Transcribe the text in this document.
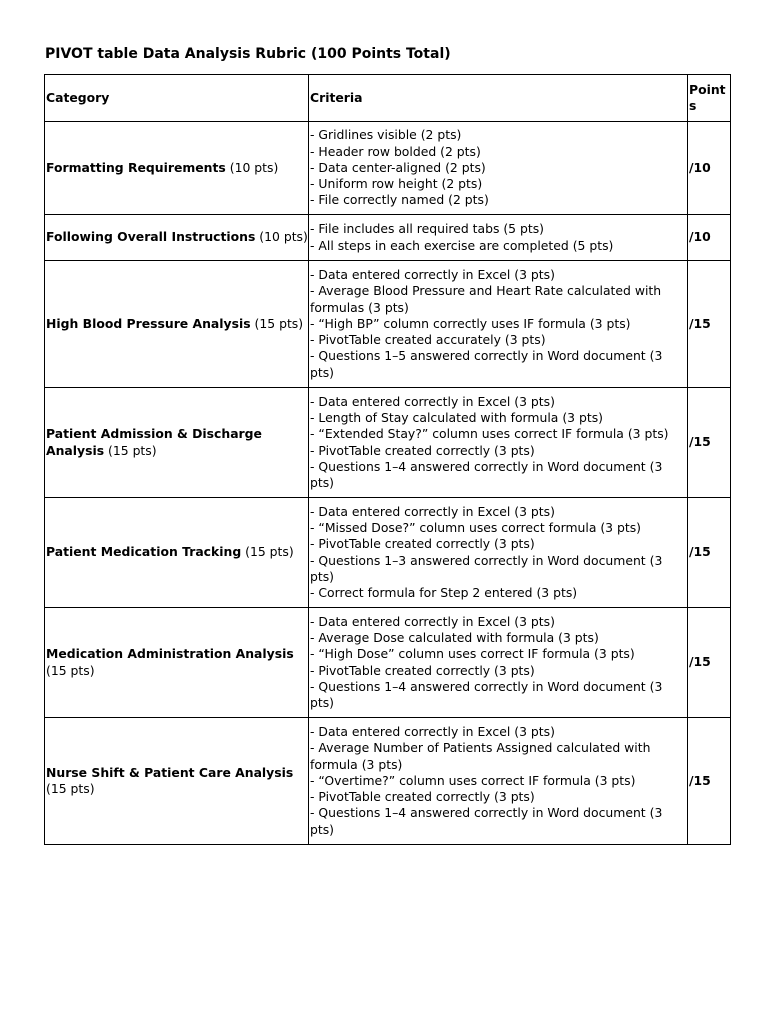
PIVOT table Data Analysis Rubric (100 Points Total)
Category	Criteria	Points
Formatting Requirements (10 pts)	- Gridlines visible (2 pts)
- Header row bolded (2 pts)
- Data center-aligned (2 pts)
- Uniform row height (2 pts)
- File correctly named (2 pts)	/10
Following Overall Instructions (10 pts)	- File includes all required tabs (5 pts)
- All steps in each exercise are completed (5 pts)	/10
High Blood Pressure Analysis (15 pts)	- Data entered correctly in Excel (3 pts)
- Average Blood Pressure and Heart Rate calculated with formulas (3 pts)
- “High BP” column correctly uses IF formula (3 pts)
- PivotTable created accurately (3 pts)
- Questions 1–5 answered correctly in Word document (3 pts)	/15
Patient Admission & Discharge Analysis (15 pts)	- Data entered correctly in Excel (3 pts)
- Length of Stay calculated with formula (3 pts)
- “Extended Stay?” column uses correct IF formula (3 pts)
- PivotTable created correctly (3 pts)
- Questions 1–4 answered correctly in Word document (3 pts)	/15
Patient Medication Tracking (15 pts)	- Data entered correctly in Excel (3 pts)
- “Missed Dose?” column uses correct formula (3 pts)
- PivotTable created correctly (3 pts)
- Questions 1–3 answered correctly in Word document (3 pts)
- Correct formula for Step 2 entered (3 pts)	/15
Medication Administration Analysis (15 pts)	- Data entered correctly in Excel (3 pts)
- Average Dose calculated with formula (3 pts)
- “High Dose” column uses correct IF formula (3 pts)
- PivotTable created correctly (3 pts)
- Questions 1–4 answered correctly in Word document (3 pts)	/15
Nurse Shift & Patient Care Analysis (15 pts)	- Data entered correctly in Excel (3 pts)
- Average Number of Patients Assigned calculated with formula (3 pts)
- “Overtime?” column uses correct IF formula (3 pts)
- PivotTable created correctly (3 pts)
- Questions 1–4 answered correctly in Word document (3 pts)	/15
